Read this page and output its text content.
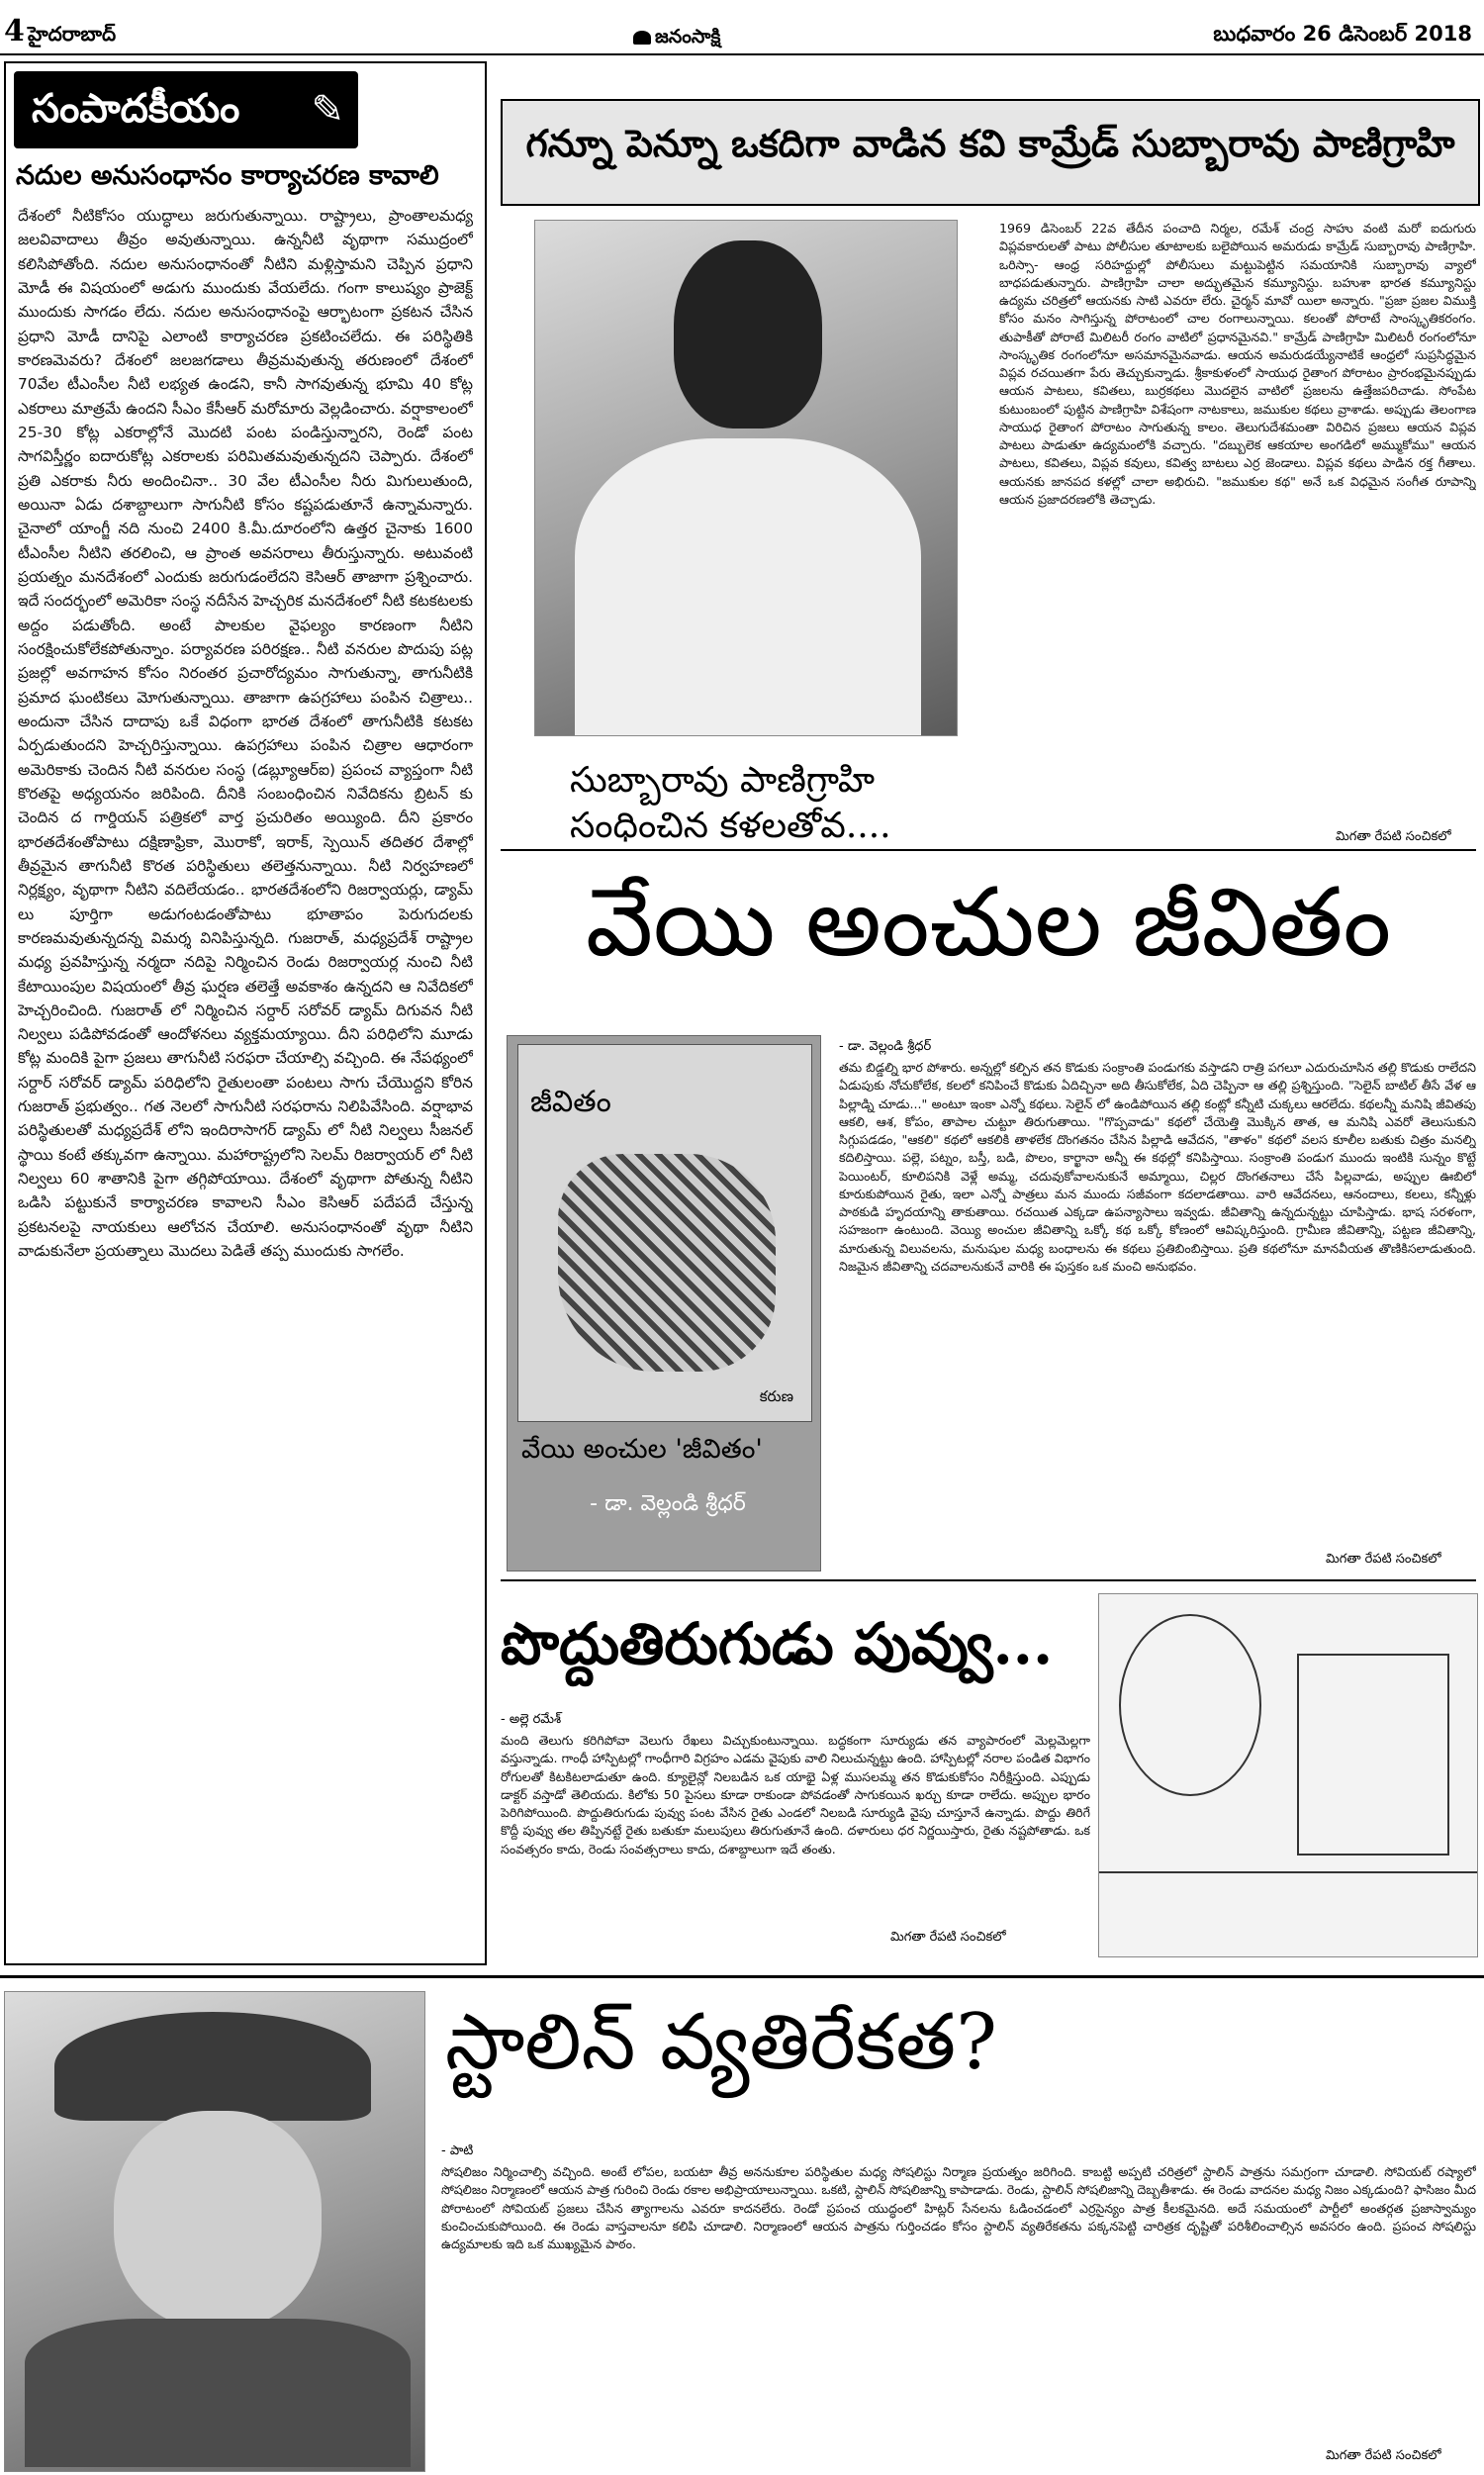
4 హైదరాబాద్	జనంసాక్షి	బుధవారం 26 డిసెంబర్ 2018
సంపాదకీయం ✎
నదుల అనుసంధానం కార్యాచరణ కావాలి
దేశంలో నీటికోసం యుద్ధాలు జరుగుతున్నాయి. రాష్ట్రాలు, ప్రాంతాలమధ్య జలవివాదాలు తీవ్రం అవుతున్నాయి. ఉన్ననీటి వృథాగా సముద్రంలో కలిసిపోతోంది. నదుల అనుసంధానంతో నీటిని మళ్లిస్తామని చెప్పిన ప్రధాని మోడీ ఈ విషయంలో అడుగు ముందుకు వేయలేదు. గంగా కాలుష్యం ప్రాజెక్ట్ ముందుకు సాగడం లేదు. నదుల అనుసంధానంపై ఆర్భాటంగా ప్రకటన చేసిన ప్రధాని మోడీ దానిపై ఎలాంటి కార్యాచరణ ప్రకటించలేదు. ఈ పరిస్థితికి కారణమెవరు? దేశంలో జలజగడాలు తీవ్రమవుతున్న తరుణంలో దేశంలో 70వేల టీఎంసీల నీటి లభ్యత ఉండని, కానీ సాగవుతున్న భూమి 40 కోట్ల ఎకరాలు మాత్రమే ఉందని సీఎం కేసీఆర్ మరోమారు వెల్లడించారు. వర్షాకాలంలో 25-30 కోట్ల ఎకరాల్లోనే మొదటి పంట పండిస్తున్నారని, రెండో పంట సాగవిస్తీర్ణం ఐదారుకోట్ల ఎకరాలకు పరిమితమవుతున్నదని చెప్పారు. దేశంలో ప్రతి ఎకరాకు నీరు అందించినా.. 30 వేల టీఎంసీల నీరు మిగులుతుంది, అయినా ఏడు దశాబ్దాలుగా సాగునీటి కోసం కష్టపడుతూనే ఉన్నామన్నారు. చైనాలో యాంగ్జీ నది నుంచి 2400 కి.మీ.దూరంలోని ఉత్తర చైనాకు 1600 టీఎంసీల నీటిని తరలించి, ఆ ప్రాంత అవసరాలు తీరుస్తున్నారు. అటువంటి ప్రయత్నం మనదేశంలో ఎందుకు జరుగుడంలేదని కెసిఆర్ తాజాగా ప్రశ్నించారు. ఇదే సందర్భంలో అమెరికా సంస్థ నదీసేన హెచ్చరిక మనదేశంలో నీటి కటకటలకు అద్దం పడుతోంది. అంటే పాలకుల వైఫల్యం కారణంగా నీటిని సంరక్షించుకోలేకపోతున్నాం. పర్యావరణ పరిరక్షణ.. నీటి వనరుల పొదుపు పట్ల ప్రజల్లో అవగాహన కోసం నిరంతర ప్రచారోద్యమం సాగుతున్నా, తాగునీటికి ప్రమాద ఘంటికలు మోగుతున్నాయి. తాజాగా ఉపగ్రహాలు పంపిన చిత్రాలు.. అందునా చేసిన దాదాపు ఒకే విధంగా భారత దేశంలో తాగునీటికి కటకట ఏర్పడుతుందని హెచ్చరిస్తున్నాయి. ఉపగ్రహాలు పంపిన చిత్రాల ఆధారంగా అమెరికాకు చెందిన నీటి వనరుల సంస్థ (డబ్ల్యూఆర్ఐ) ప్రపంచ వ్యాప్తంగా నీటి కొరతపై అధ్యయనం జరిపింది. దీనికి సంబంధించిన నివేదికను బ్రిటన్ కు చెందిన ద గార్డియన్ పత్రికలో వార్త ప్రచురితం అయ్యింది. దీని ప్రకారం భారతదేశంతోపాటు దక్షిణాఫ్రికా, మొరాకో, ఇరాక్, స్పెయిన్ తదితర దేశాల్లో తీవ్రమైన తాగునీటి కొరత పరిస్థితులు తలెత్తనున్నాయి. నీటి నిర్వహణలో నిర్లక్ష్యం, వృథాగా నీటిని వదిలేయడం.. భారతదేశంలోని రిజర్వాయర్లు, డ్యామ్ లు పూర్తిగా అడుగంటడంతోపాటు భూతాపం పెరుగుదలకు కారణమవుతున్నదన్న విమర్శ వినిపిస్తున్నది. గుజరాత్, మధ్యప్రదేశ్ రాష్ట్రాల మధ్య ప్రవహిస్తున్న నర్మదా నదిపై నిర్మించిన రెండు రిజర్వాయర్ల నుంచి నీటి కేటాయింపుల విషయంలో తీవ్ర ఘర్షణ తలెత్తే అవకాశం ఉన్నదని ఆ నివేదికలో హెచ్చరించింది. గుజరాత్ లో నిర్మించిన సర్దార్ సరోవర్ డ్యామ్ దిగువన నీటి నిల్వలు పడిపోవడంతో ఆందోళనలు వ్యక్తమయ్యాయి. దీని పరిధిలోని మూడు కోట్ల మందికి పైగా ప్రజలు తాగునీటి సరఫరా చేయాల్సి వచ్చింది. ఈ నేపథ్యంలో సర్దార్ సరోవర్ డ్యామ్ పరిధిలోని రైతులంతా పంటలు సాగు చేయొద్దని కోరిన గుజరాత్ ప్రభుత్వం.. గత నెలలో సాగునీటి సరఫరాను నిలిపివేసింది. వర్షాభావ పరిస్థితులతో మధ్యప్రదేశ్ లోని ఇందిరాసాగర్ డ్యామ్ లో నీటి నిల్వలు సీజనల్ స్థాయి కంటే తక్కువగా ఉన్నాయి. మహారాష్ట్రలోని సెలమ్ రిజర్వాయర్ లో నీటి నిల్వలు 60 శాతానికి పైగా తగ్గిపోయాయి. దేశంలో వృథాగా పోతున్న నీటిని ఒడిసి పట్టుకునే కార్యాచరణ కావాలని సీఎం కెసిఆర్ పదేపదే చేస్తున్న ప్రకటనలపై నాయకులు ఆలోచన చేయాలి. అనుసంధానంతో వృథా నీటిని వాడుకునేలా ప్రయత్నాలు మొదలు పెడితే తప్ప ముందుకు సాగలేం.
గన్నూ పెన్నూ ఒకదిగా వాడిన కవి కామ్రేడ్ సుబ్బారావు పాణిగ్రాహి
సుబ్బారావు పాణిగ్రాహి
సంధించిన కళలతోవ....
1969 డిసెంబర్ 22వ తేదీన పంచాది నిర్మల, రమేశ్ చంద్ర సాహు వంటి మరో ఐదుగురు విప్లవకారులతో పాటు పోలీసుల తూటాలకు బలైపోయిన అమరుడు కామ్రేడ్ సుబ్బారావు పాణిగ్రాహి. ఒరిస్సా- ఆంధ్ర సరిహద్దుల్లో పోలీసులు మట్టుపెట్టిన సమయానికి సుబ్బారావు వ్యాలో బాధపడుతున్నారు. పాణిగ్రాహి చాలా అద్భుతమైన కమ్యూనిస్టు. బహుశా భారత కమ్యూనిస్టు ఉద్యమ చరిత్రలో ఆయనకు సాటి ఎవరూ లేరు. చైర్మన్ మావో యిలా అన్నారు. "ప్రజా ప్రజల విముక్తి కోసం మనం సాగిస్తున్న పోరాటంలో చాల రంగాలున్నాయి. కలంతో పోరాటే సాంస్కృతికరంగం. తుపాకీతో పోరాటే మిలిటరీ రంగం వాటిలో ప్రధానమైనవి." కామ్రేడ్ పాణిగ్రాహి మిలిటరీ రంగంలోనూ సాంస్కృతిక రంగంలోనూ అసమానమైనవాడు. ఆయన అమరుడయ్యేనాటికే ఆంధ్రలో సుప్రసిద్ధమైన విప్లవ రచయితగా పేరు తెచ్చుకున్నాడు. శ్రీకాకుళంలో సాయుధ రైతాంగ పోరాటం ప్రారంభమైనప్పుడు ఆయన పాటలు, కవితలు, బుర్రకథలు మొదలైన వాటిలో ప్రజలను ఉత్తేజపరిచాడు. సోంపేట కుటుంబంలో పుట్టిన పాణిగ్రాహి విశేషంగా నాటకాలు, జముకుల కథలు వ్రాశాడు. అప్పుడు తెలంగాణ సాయుధ రైతాంగ పోరాటం సాగుతున్న కాలం. తెలుగుదేశమంతా విరిచిన ప్రజలు ఆయన విప్లవ పాటలు పాడుతూ ఉద్యమంలోకి వచ్చారు. "దబ్బులెక ఆకయాల అంగడిలో అమ్ముకోము" ఆయన పాటలు, కవితలు, విప్లవ కవులు, కవిత్వ బాటలు ఎర్ర జెండాలు. విప్లవ కథలు పాడిన రక్త గీతాలు. ఆయనకు జానపద కళల్లో చాలా అభిరుచి. "జముకుల కథ" అనే ఒక విధమైన సంగీత రూపాన్ని ఆయన ప్రజాదరణలోకి తెచ్చాడు.
మిగతా రేపటి సంచికలో
వేయి అంచుల జీవితం
జీవితం
కరుణ
వేయి అంచుల 'జీవితం'
- డా. వెల్లండి శ్రీధర్
- డా. వెల్లండి శ్రీధర్
తమ బిడ్డల్ని భార పోశారు. అన్నల్లో కల్పిన తన కొడుకు సంక్రాంతి పండుగకు వస్తాడని రాత్రి పగలూ ఎదురుచూసిన తల్లి కొడుకు రాలేదని ఏడుపుకు నోచుకోలేక, కలలో కనిపించే కొడుకు ఏదిచ్చినా అది తీసుకోలేక, ఏది చెప్పినా ఆ తల్లి ప్రశ్నిస్తుంది. "సెలైన్ బాటిల్ తీసే వేళ ఆ పిల్లాడ్ని చూడు..." అంటూ ఇంకా ఎన్నో కథలు. సెలైన్ లో ఉండిపోయిన తల్లి కంట్లో కన్నీటి చుక్కలు ఆరలేదు. కథలన్నీ మనిషి జీవితపు ఆకలి, ఆశ, కోపం, తాపాల చుట్టూ తిరుగుతాయి. "గొప్పవాడు" కథలో చేయెత్తి మొక్కిన తాత, ఆ మనిషి ఎవరో తెలుసుకుని సిగ్గుపడడం, "ఆకలి" కథలో ఆకలికి తాళలేక దొంగతనం చేసిన పిల్లాడి ఆవేదన, "తాళం" కథలో వలస కూలీల బతుకు చిత్రం మనల్ని కదిలిస్తాయి. పల్లె, పట్నం, బస్తీ, బడి, పొలం, కార్ఖానా అన్నీ ఈ కథల్లో కనిపిస్తాయి. సంక్రాంతి పండుగ ముందు ఇంటికి సున్నం కొట్టే పెయింటర్, కూలిపనికి వెళ్లే అమ్మ, చదువుకోవాలనుకునే అమ్మాయి, చిల్లర దొంగతనాలు చేసే పిల్లవాడు, అప్పుల ఊబిలో కూరుకుపోయిన రైతు, ఇలా ఎన్నో పాత్రలు మన ముందు సజీవంగా కదలాడతాయి. వారి ఆవేదనలు, ఆనందాలు, కలలు, కన్నీళ్లు పాఠకుడి హృదయాన్ని తాకుతాయి. రచయిత ఎక్కడా ఉపన్యాసాలు ఇవ్వడు. జీవితాన్ని ఉన్నదున్నట్టు చూపిస్తాడు. భాష సరళంగా, సహజంగా ఉంటుంది. వెయ్యి అంచుల జీవితాన్ని ఒక్కో కథ ఒక్కో కోణంలో ఆవిష్కరిస్తుంది. గ్రామీణ జీవితాన్ని, పట్టణ జీవితాన్ని, మారుతున్న విలువలను, మనుషుల మధ్య బంధాలను ఈ కథలు ప్రతిబింబిస్తాయి. ప్రతి కథలోనూ మానవీయత తొణికిసలాడుతుంది. నిజమైన జీవితాన్ని చదవాలనుకునే వారికి ఈ పుస్తకం ఒక మంచి అనుభవం.
మిగతా రేపటి సంచికలో
పొద్దుతిరుగుడు పువ్వు...
- అల్లె రమేశ్
మంది తెలుగు కరిగిపోవా వెలుగు రేఖలు విచ్చుకుంటున్నాయి. బద్ధకంగా సూర్యుడు తన వ్యాపారంలో మెల్లమెల్లగా వస్తున్నాడు. గాంధీ హాస్పిటల్లో గాంధీగారి విగ్రహం ఎడమ వైపుకు వాలి నిలుచున్నట్టు ఉంది. హాస్పిటల్లో నరాల పండిత విభాగం రోగులతో కిటకిటలాడుతూ ఉంది. క్యూలైన్లో నిలబడిన ఒక యాభై ఏళ్ల ముసలమ్మ తన కొడుకుకోసం నిరీక్షిస్తుంది. ఎప్పుడు డాక్టర్ వస్తాడో తెలియదు. కిలోకు 50 పైసలు కూడా రాకుండా పోవడంతో సాగుకయిన ఖర్చు కూడా రాలేదు. అప్పుల భారం పెరిగిపోయింది. పొద్దుతిరుగుడు పువ్వు పంట వేసిన రైతు ఎండలో నిలబడి సూర్యుడి వైపు చూస్తూనే ఉన్నాడు. పొద్దు తిరిగే కొద్దీ పువ్వు తల తిప్పినట్టే రైతు బతుకూ మలుపులు తిరుగుతూనే ఉంది. దళారులు ధర నిర్ణయిస్తారు, రైతు నష్టపోతాడు. ఒక సంవత్సరం కాదు, రెండు సంవత్సరాలు కాదు, దశాబ్దాలుగా ఇదే తంతు.
మిగతా రేపటి సంచికలో
స్టాలిన్ వ్యతిరేకత?
- పాటి
సోషలిజం నిర్మించాల్సి వచ్చింది. అంటే లోపల, బయటా తీవ్ర అననుకూల పరిస్థితుల మధ్య సోషలిస్టు నిర్మాణ ప్రయత్నం జరిగింది. కాబట్టి అప్పటి చరిత్రలో స్టాలిన్ పాత్రను సమగ్రంగా చూడాలి. సోవియట్ రష్యాలో సోషలిజం నిర్మాణంలో ఆయన పాత్ర గురించి రెండు రకాల అభిప్రాయాలున్నాయి. ఒకటి, స్టాలిన్ సోషలిజాన్ని కాపాడాడు. రెండు, స్టాలిన్ సోషలిజాన్ని దెబ్బతీశాడు. ఈ రెండు వాదనల మధ్య నిజం ఎక్కడుంది? ఫాసిజం మీద పోరాటంలో సోవియట్ ప్రజలు చేసిన త్యాగాలను ఎవరూ కాదనలేరు. రెండో ప్రపంచ యుద్ధంలో హిట్లర్ సేనలను ఓడించడంలో ఎర్రసైన్యం పాత్ర కీలకమైనది. అదే సమయంలో పార్టీలో అంతర్గత ప్రజాస్వామ్యం కుంచించుకుపోయింది. ఈ రెండు వాస్తవాలనూ కలిపి చూడాలి. నిర్మాణంలో ఆయన పాత్రను గుర్తించడం కోసం స్టాలిన్ వ్యతిరేకతను పక్కనపెట్టి చారిత్రక దృష్టితో పరిశీలించాల్సిన అవసరం ఉంది. ప్రపంచ సోషలిస్టు ఉద్యమాలకు ఇది ఒక ముఖ్యమైన పాఠం.
మిగతా రేపటి సంచికలో
